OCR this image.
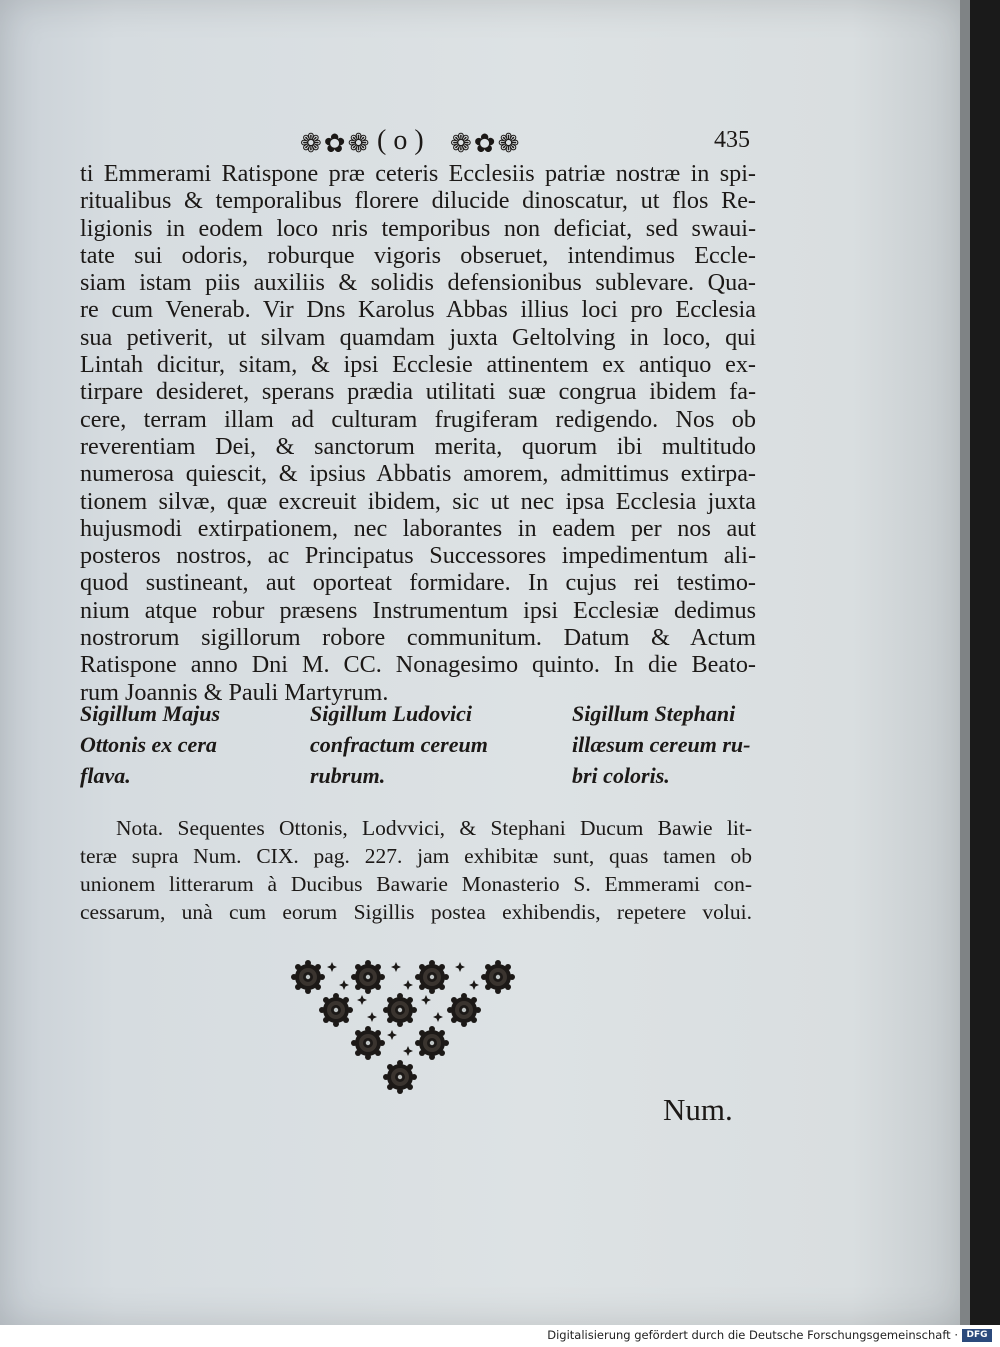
❁✿❁ ( o ) ❁✿❁	435
ti Emmerami Ratispone præ ceteris Ecclesiis patriæ nostræ in spi-
ritualibus & temporalibus florere dilucide dinoscatur, ut flos Re-
ligionis in eodem loco nris temporibus non deficiat, sed swaui-
tate sui odoris, roburque vigoris obseruet, intendimus Eccle-
siam istam piis auxiliis & solidis defensionibus sublevare. Qua-
re cum Venerab. Vir Dns Karolus Abbas illius loci pro Ecclesia
sua petiverit, ut silvam quamdam juxta Geltolving in loco, qui
Lintah dicitur, sitam, & ipsi Ecclesie attinentem ex antiquo ex-
tirpare desideret, sperans prædia utilitati suæ congrua ibidem fa-
cere, terram illam ad culturam frugiferam redigendo. Nos ob
reverentiam Dei, & sanctorum merita, quorum ibi multitudo
numerosa quiescit, & ipsius Abbatis amorem, admittimus extirpa-
tionem silvæ, quæ excreuit ibidem, sic ut nec ipsa Ecclesia juxta
hujusmodi extirpationem, nec laborantes in eadem per nos aut
posteros nostros, ac Principatus Successores impedimentum ali-
quod sustineant, aut oporteat formidare. In cujus rei testimo-
nium atque robur præsens Instrumentum ipsi Ecclesiæ dedimus
nostrorum sigillorum robore communitum. Datum & Actum
Ratispone anno Dni M. CC. Nonagesimo quinto. In die Beato-
rum Joannis & Pauli Martyrum.
Sigillum Majus
Ottonis ex cera
flava.
Sigillum Ludovici
confractum cereum
rubrum.
Sigillum Stephani
illæsum cereum ru-
bri coloris.
Nota. Sequentes Ottonis, Lodvvici, & Stephani Ducum Bawie lit-
teræ supra Num. CIX. pag. 227. jam exhibitæ sunt, quas tamen ob
unionem litterarum à Ducibus Bawarie Monasterio S. Emmerami con-
cessarum, unà cum eorum Sigillis postea exhibendis, repetere volui.
Num.
Digitalisierung gefördert durch die Deutsche Forschungsgemeinschaft · DFG
